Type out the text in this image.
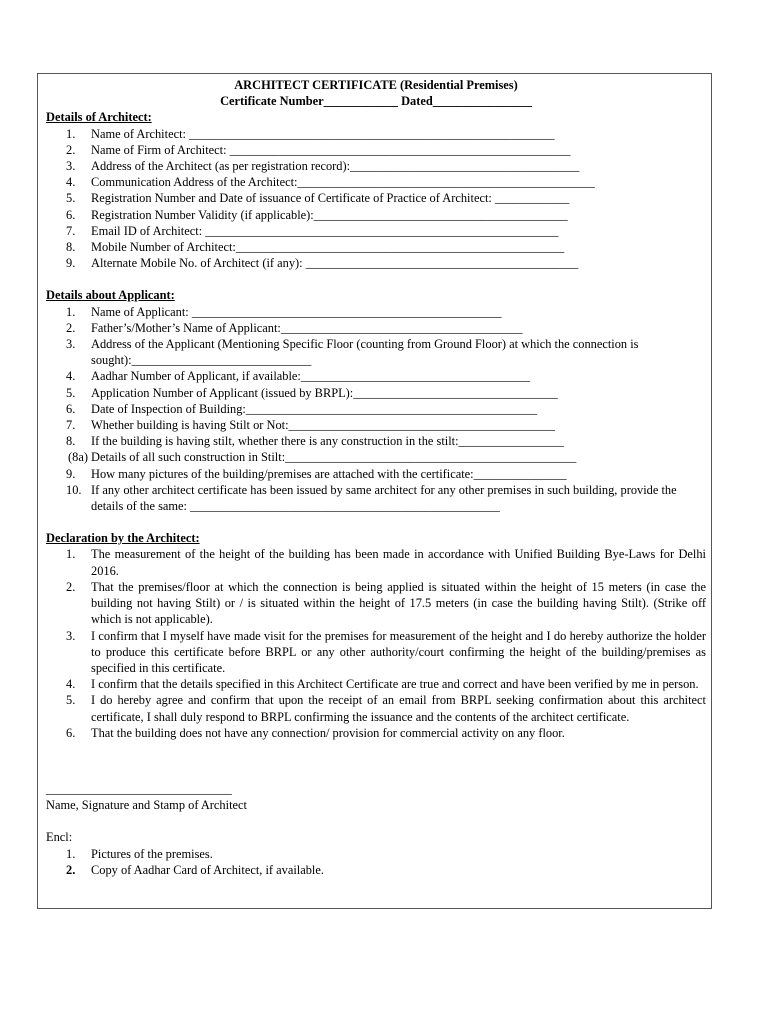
ARCHITECT CERTIFICATE (Residential Premises)
Certificate Number____________ Dated________________
Details of Architect:
1.	Name of Architect: ___________________________________________________________
2.	Name of Firm of Architect: _______________________________________________________
3.	Address of the Architect (as per registration record):_____________________________________
4.	Communication Address of the Architect:________________________________________________
5.	Registration Number and Date of issuance of Certificate of Practice of Architect: ____________
6.	Registration Number Validity (if applicable):_________________________________________
7.	Email ID of Architect: _________________________________________________________
8.	Mobile Number of Architect:_____________________________________________________
9.	Alternate Mobile No. of Architect (if any): ____________________________________________
Details about Applicant:
1.	Name of Applicant: __________________________________________________
2.	Father’s/Mother’s Name of Applicant:_______________________________________
3.	Address of the Applicant (Mentioning Specific Floor (counting from Ground Floor) at which the connection is sought):_____________________________
4.	Aadhar Number of Applicant, if available:_____________________________________
5.	Application Number of Applicant (issued by BRPL):_________________________________
6.	Date of Inspection of Building:_______________________________________________
7.	Whether building is having Stilt or Not:___________________________________________
8.	If the building is having stilt, whether there is any construction in the stilt:_________________
(8a) Details of all such construction in Stilt:_______________________________________________
9.	How many pictures of the building/premises are attached with the certificate:_______________
10. If any other architect certificate has been issued by same architect for any other premises in such building, provide the details of the same: __________________________________________________
Declaration by the Architect:
1.	The measurement of the height of the building has been made in accordance with Unified Building Bye-Laws for Delhi 2016.
2.	That the premises/floor at which the connection is being applied is situated within the height of 15 meters (in case the building not having Stilt) or / is situated within the height of 17.5 meters (in case the building having Stilt). (Strike off which is not applicable).
3.	I confirm that I myself have made visit for the premises for measurement of the height and I do hereby authorize the holder to produce this certificate before BRPL or any other authority/court confirming the height of the building/premises as specified in this certificate.
4.	I confirm that the details specified in this Architect Certificate are true and correct and have been verified by me in person.
5.	I do hereby agree and confirm that upon the receipt of an email from BRPL seeking confirmation about this architect certificate, I shall duly respond to BRPL confirming the issuance and the contents of the architect certificate.
6.	That the building does not have any connection/ provision for commercial activity on any floor.
______________________________
Name, Signature and Stamp of Architect
Encl:
1.	Pictures of the premises.
2.	Copy of Aadhar Card of Architect, if available.
